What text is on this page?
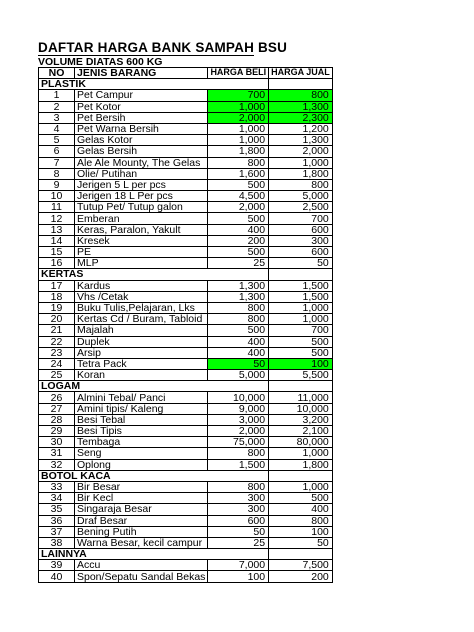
DAFTAR HARGA BANK SAMPAH BSU
VOLUME DIATAS 600 KG
NO	JENIS BARANG	HARGA BELI	HARGA JUAL
PLASTIK			
1	Pet Campur	700	800
2	Pet Kotor	1,000	1,300
3	Pet Bersih	2,000	2,300
4	Pet Warna Bersih	1,000	1,200
5	Gelas Kotor	1,000	1,300
6	Gelas Bersih	1,800	2,000
7	Ale Ale Mounty, The Gelas	800	1,000
8	Olie/ Putihan	1,600	1,800
9	Jerigen 5 L per pcs	500	800
10	Jerigen 18 L Per pcs	4,500	5,000
11	Tutup Pet/ Tutup galon	2,000	2,500
12	Emberan	500	700
13	Keras, Paralon, Yakult	400	600
14	Kresek	200	300
15	PE	500	600
16	MLP	25	50
KERTAS			
17	Kardus	1,300	1,500
18	Vhs /Cetak	1,300	1,500
19	Buku Tulis,Pelajaran, Lks	800	1,000
20	Kertas Cd / Buram, Tabloid	800	1,000
21	Majalah	500	700
22	Duplek	400	500
23	Arsip	400	500
24	Tetra Pack	50	100
25	Koran	5,000	5,500
LOGAM			
26	Almini Tebal/ Panci	10,000	11,000
27	Amini tipis/ Kaleng	9,000	10,000
28	Besi Tebal	3,000	3,200
29	Besi Tipis	2,000	2,100
30	Tembaga	75,000	80,000
31	Seng	800	1,000
32	Oplong	1,500	1,800
BOTOL KACA			
33	Bir Besar	800	1,000
34	Bir Kecl	300	500
35	Singaraja Besar	300	400
36	Draf Besar	600	800
37	Bening Putih	50	100
38	Warna Besar, kecil campur	25	50
LAINNYA			
39	Accu	7,000	7,500
40	Spon/Sepatu Sandal Bekas	100	200
